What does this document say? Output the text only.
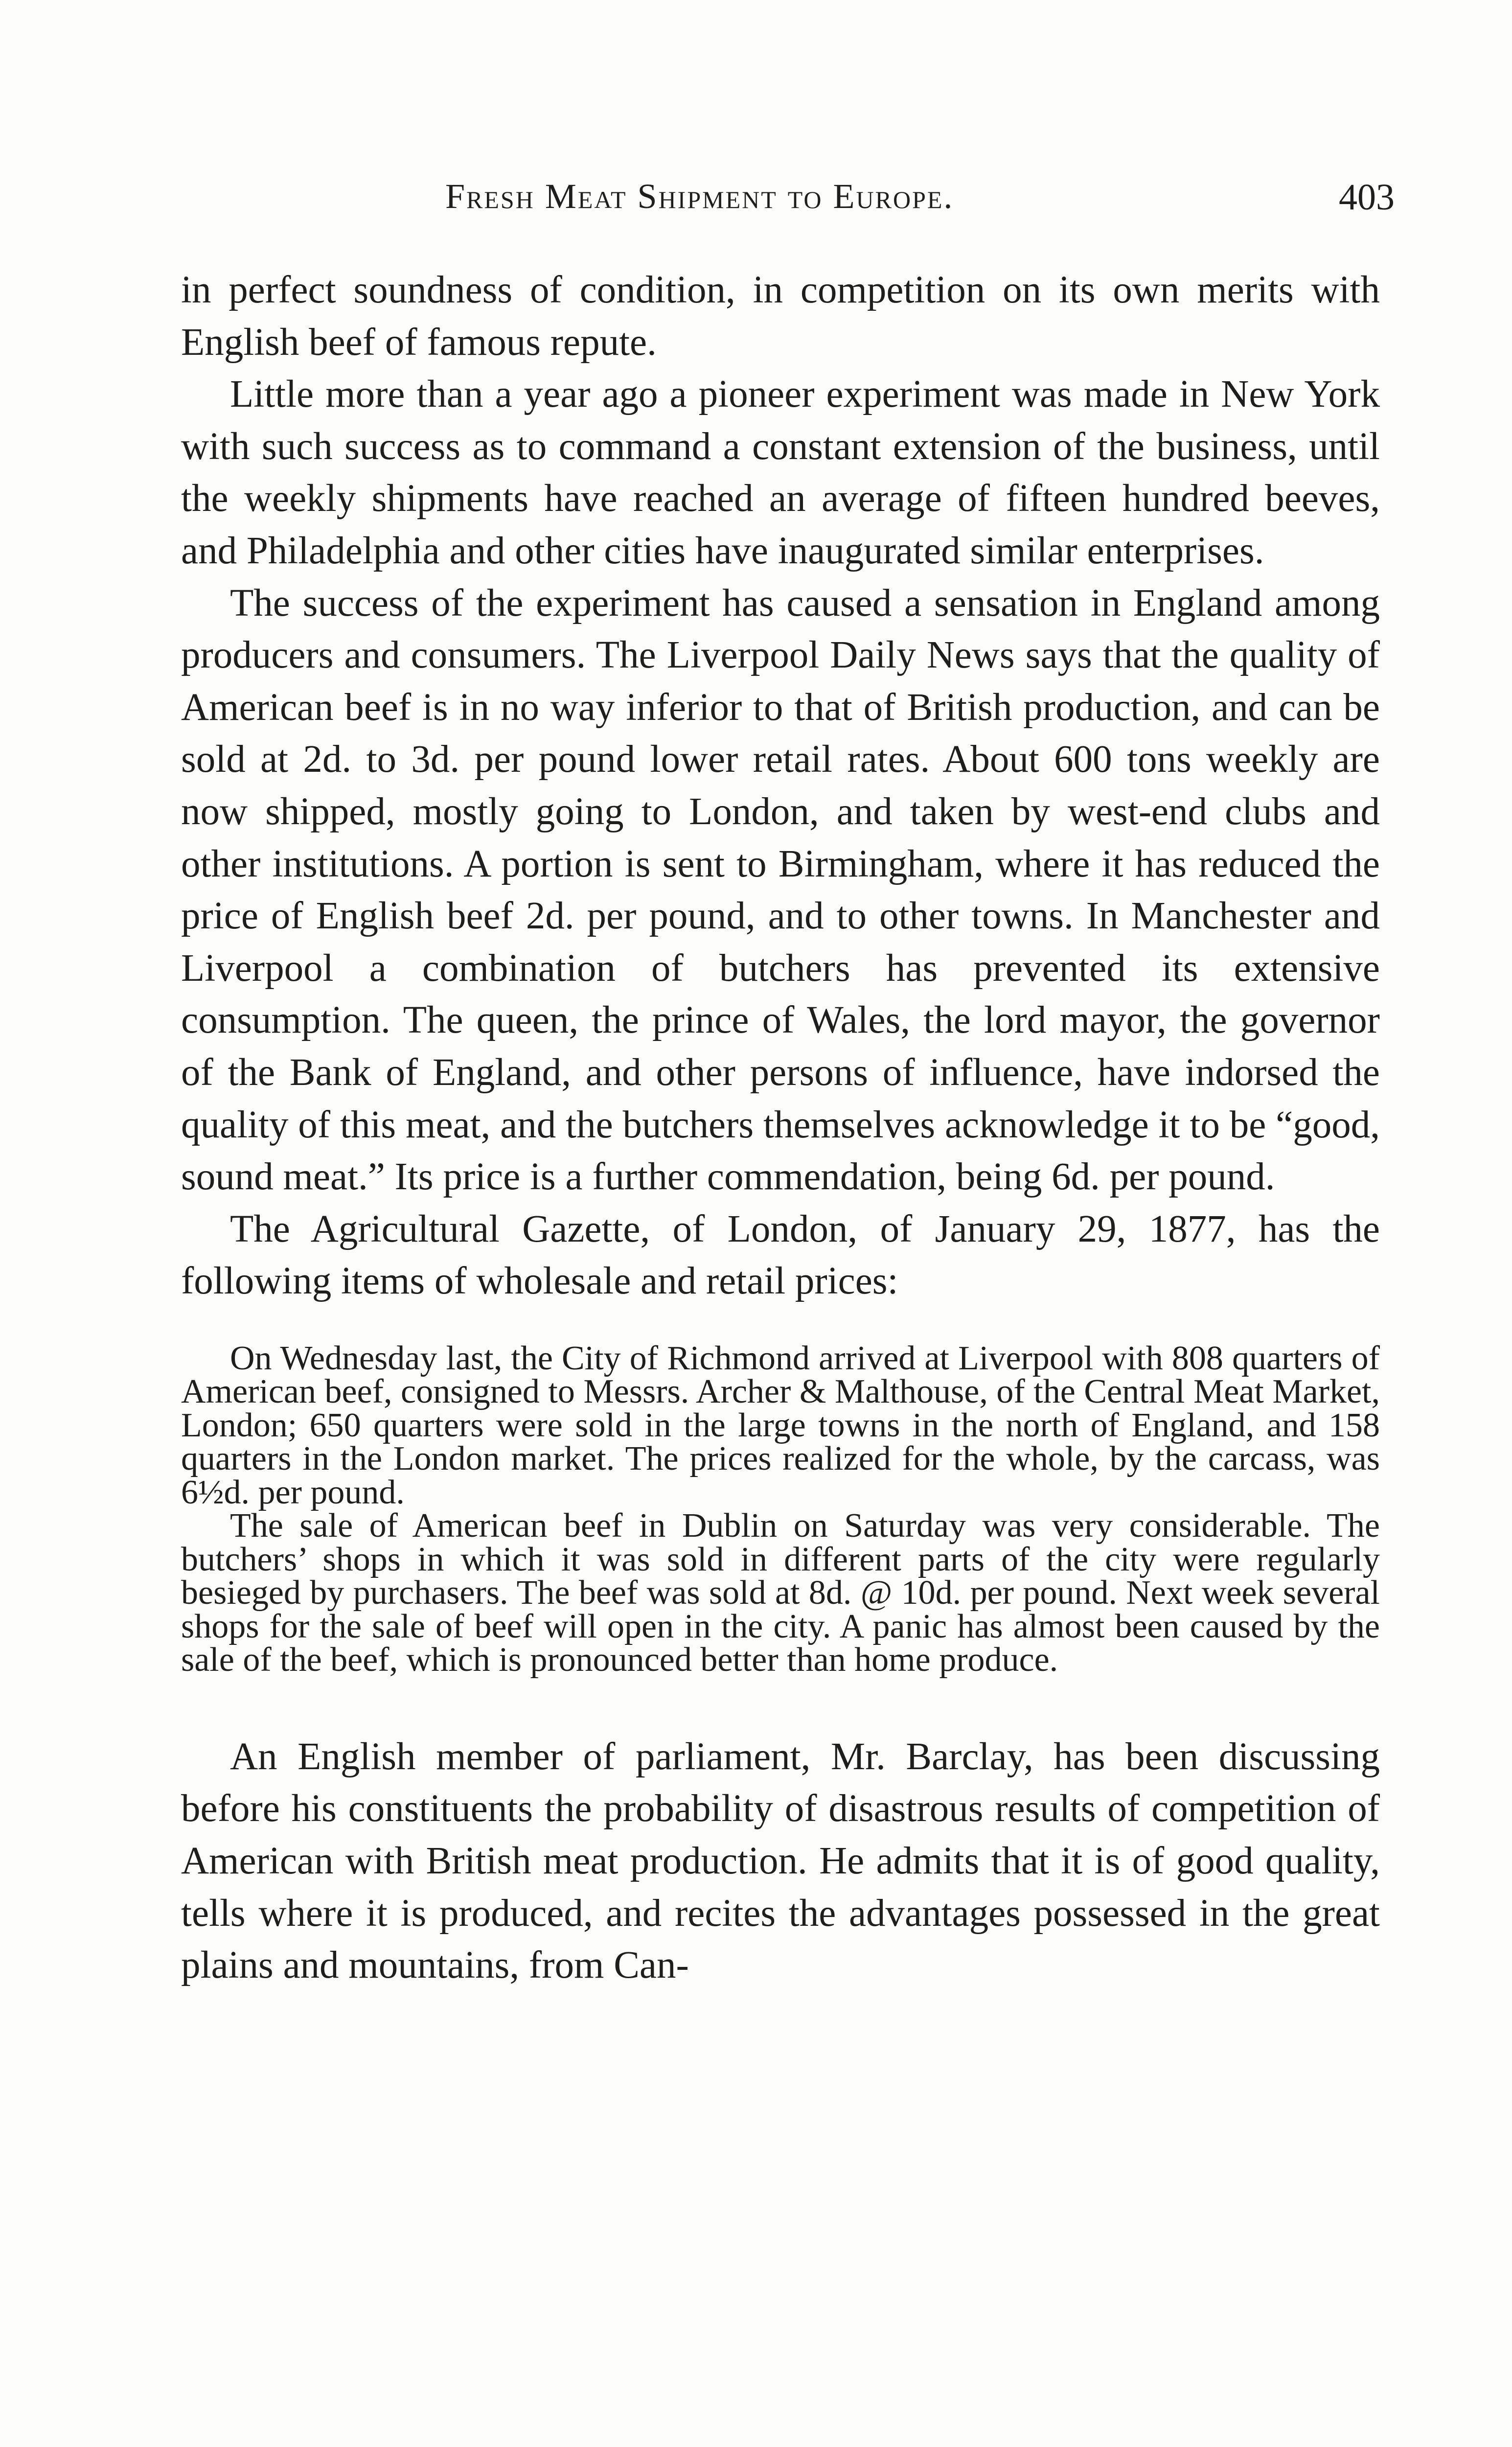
Fresh Meat Shipment to Europe.	403

in perfect soundness of condition, in competition on its own merits with English beef of famous repute.

Little more than a year ago a pioneer experiment was made in New York with such success as to command a constant extension of the business, until the weekly shipments have reached an average of fifteen hundred beeves, and Philadelphia and other cities have inaugurated similar enterprises.

The success of the experiment has caused a sensation in England among producers and consumers. The Liverpool Daily News says that the quality of American beef is in no way inferior to that of British production, and can be sold at 2d. to 3d. per pound lower retail rates. About 600 tons weekly are now shipped, mostly going to London, and taken by west-end clubs and other institutions. A portion is sent to Birmingham, where it has reduced the price of English beef 2d. per pound, and to other towns. In Manchester and Liverpool a combination of butchers has prevented its extensive consumption. The queen, the prince of Wales, the lord mayor, the governor of the Bank of England, and other persons of influence, have indorsed the quality of this meat, and the butchers themselves acknowledge it to be “good, sound meat.” Its price is a further commendation, being 6d. per pound.

The Agricultural Gazette, of London, of January 29, 1877, has the following items of wholesale and retail prices:

On Wednesday last, the City of Richmond arrived at Liverpool with 808 quarters of American beef, consigned to Messrs. Archer & Malthouse, of the Central Meat Market, London; 650 quarters were sold in the large towns in the north of England, and 158 quarters in the London market. The prices realized for the whole, by the carcass, was 6½d. per pound.

The sale of American beef in Dublin on Saturday was very considerable. The butchers’ shops in which it was sold in different parts of the city were regularly besieged by purchasers. The beef was sold at 8d. @ 10d. per pound. Next week several shops for the sale of beef will open in the city. A panic has almost been caused by the sale of the beef, which is pronounced better than home produce.

An English member of parliament, Mr. Barclay, has been discussing before his constituents the probability of disastrous results of competition of American with British meat production. He admits that it is of good quality, tells where it is produced, and recites the advantages possessed in the great plains and mountains, from Can-
